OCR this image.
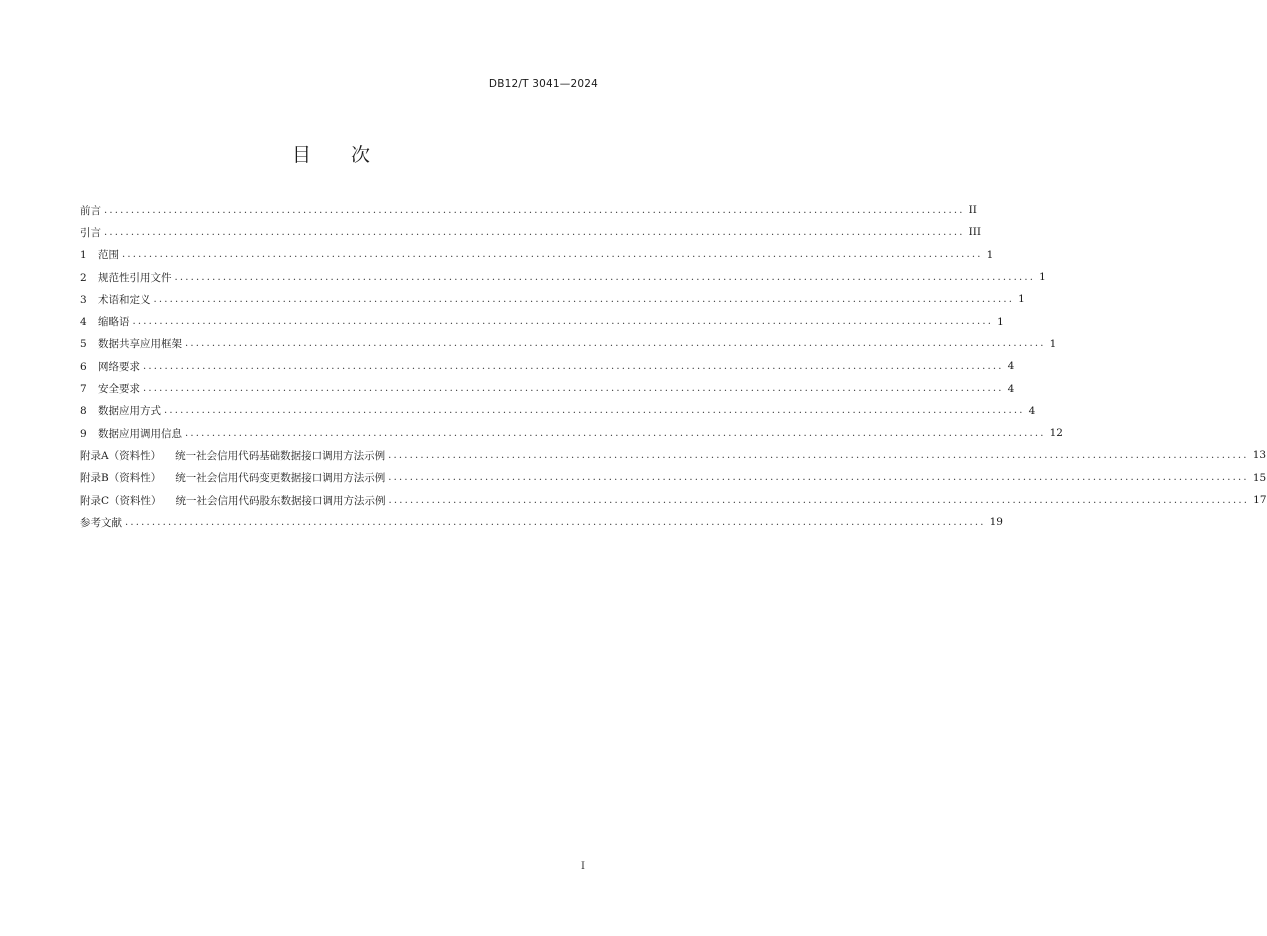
DB12/T 3041—2024
目次
前言 ................................................................................................................................................................ II
引言 ................................................................................................................................................................ III
1 范围 ................................................................................................................................................................ 1
2 规范性引用文件 ................................................................................................................................................................ 1
3 术语和定义 ................................................................................................................................................................ 1
4 缩略语 ................................................................................................................................................................ 1
5 数据共享应用框架 ................................................................................................................................................................ 1
6 网络要求 ................................................................................................................................................................ 4
7 安全要求 ................................................................................................................................................................ 4
8 数据应用方式 ................................................................................................................................................................ 4
9 数据应用调用信息 ................................................................................................................................................................ 12
附录A（资料性） 统一社会信用代码基础数据接口调用方法示例 ................................................................................................................................................................ 13
附录B（资料性） 统一社会信用代码变更数据接口调用方法示例 ................................................................................................................................................................ 15
附录C（资料性） 统一社会信用代码股东数据接口调用方法示例 ................................................................................................................................................................ 17
参考文献 ................................................................................................................................................................ 19
I
